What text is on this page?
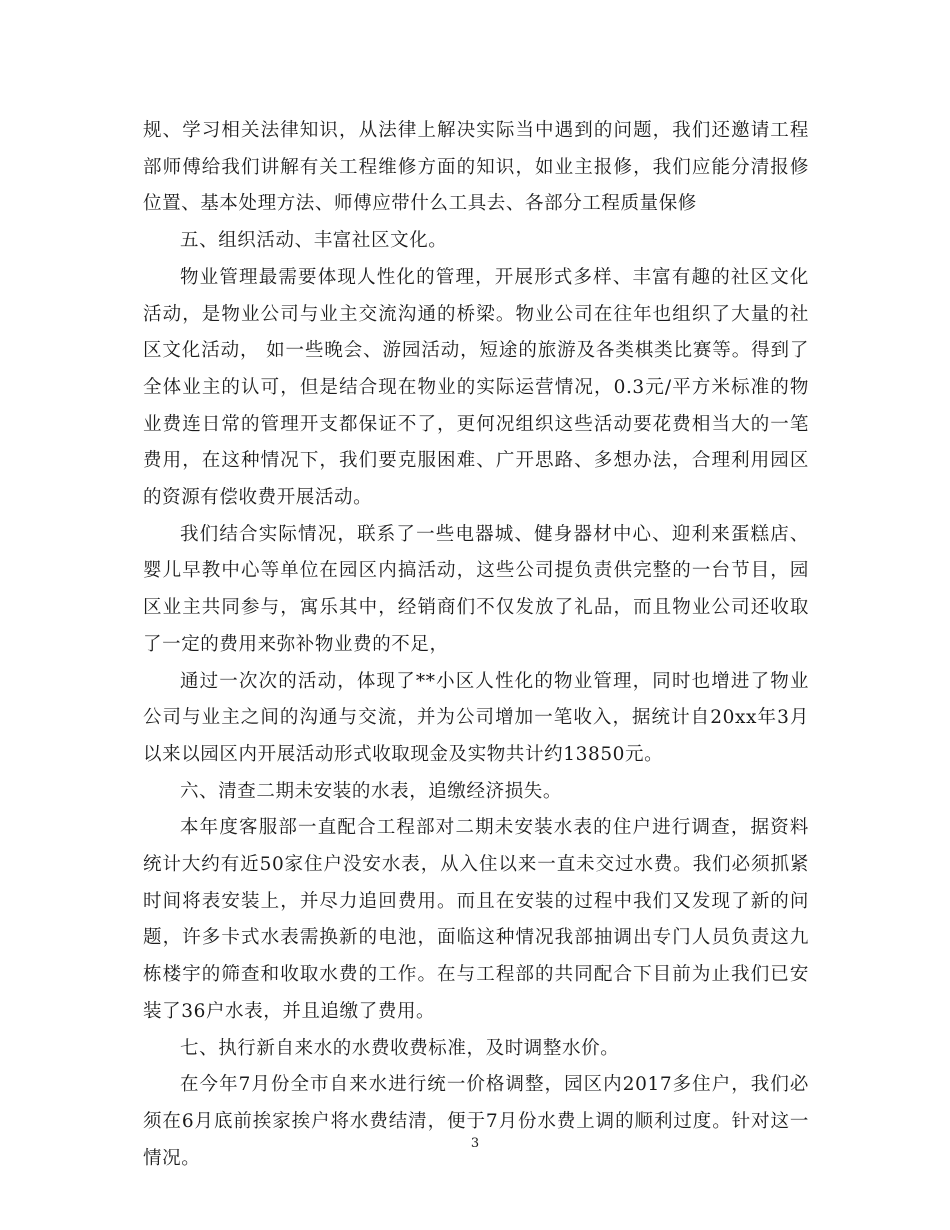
规、学习相关法律知识，从法律上解决实际当中遇到的问题，我们还邀请工程部师傅给我们讲解有关工程维修方面的知识，如业主报修，我们应能分清报修位置、基本处理方法、师傅应带什么工具去、各部分工程质量保修

五、组织活动、丰富社区文化。

物业管理最需要体现人性化的管理，开展形式多样、丰富有趣的社区文化活动，是物业公司与业主交流沟通的桥梁。物业公司在往年也组织了大量的社区文化活动， 如一些晚会、游园活动，短途的旅游及各类棋类比赛等。得到了全体业主的认可，但是结合现在物业的实际运营情况，0.3元/平方米标准的物业费连日常的管理开支都保证不了，更何况组织这些活动要花费相当大的一笔费用，在这种情况下，我们要克服困难、广开思路、多想办法，合理利用园区的资源有偿收费开展活动。

我们结合实际情况，联系了一些电器城、健身器材中心、迎利来蛋糕店、婴儿早教中心等单位在园区内搞活动，这些公司提负责供完整的一台节目，园区业主共同参与，寓乐其中，经销商们不仅发放了礼品，而且物业公司还收取了一定的费用来弥补物业费的不足，

通过一次次的活动，体现了**小区人性化的物业管理，同时也增进了物业公司与业主之间的沟通与交流，并为公司增加一笔收入，据统计自20xx年3月以来以园区内开展活动形式收取现金及实物共计约13850元。

六、清查二期未安装的水表，追缴经济损失。

本年度客服部一直配合工程部对二期未安装水表的住户进行调查，据资料统计大约有近50家住户没安水表，从入住以来一直未交过水费。我们必须抓紧时间将表安装上，并尽力追回费用。而且在安装的过程中我们又发现了新的问题，许多卡式水表需换新的电池，面临这种情况我部抽调出专门人员负责这九栋楼宇的筛查和收取水费的工作。在与工程部的共同配合下目前为止我们已安装了36户水表，并且追缴了费用。

七、执行新自来水的水费收费标准，及时调整水价。

在今年7月份全市自来水进行统一价格调整，园区内2017多住户，我们必须在6月底前挨家挨户将水费结清，便于7月份水费上调的顺利过度。针对这一情况。

3
